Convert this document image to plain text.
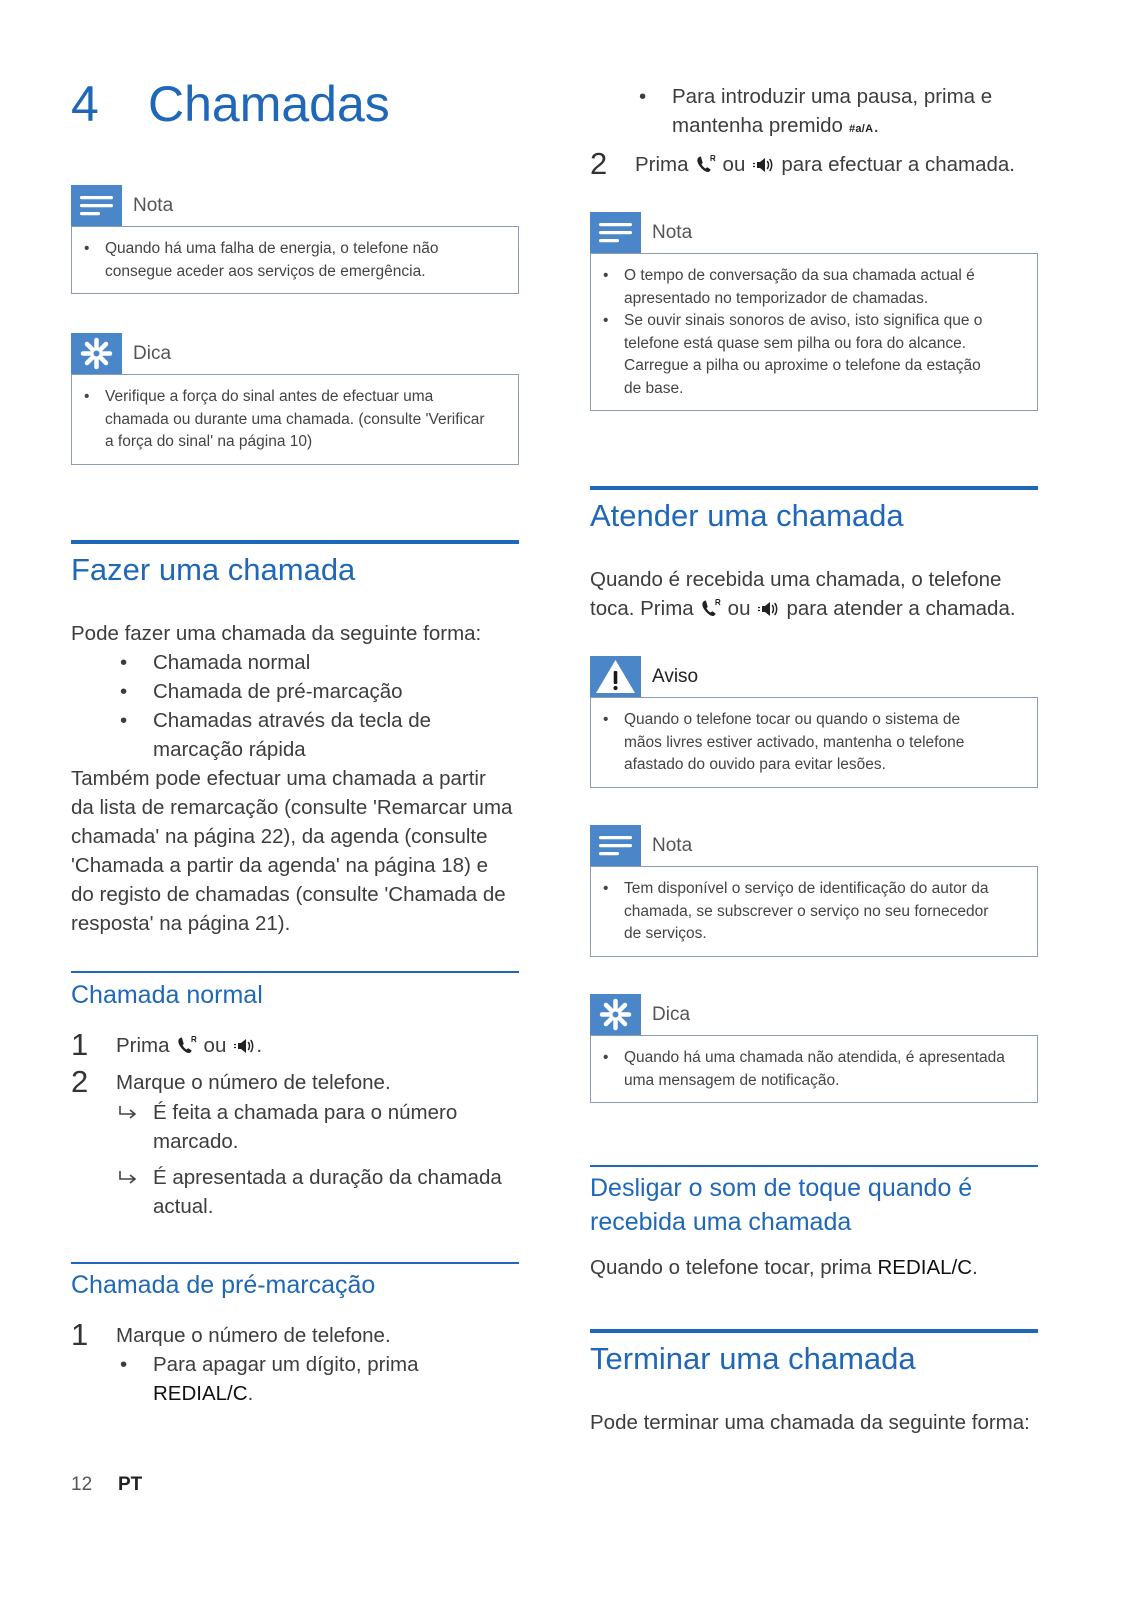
4 Chamadas
Nota
• Quando há uma falha de energia, o telefone não
consegue aceder aos serviços de emergência.
Dica
• Verifique a força do sinal antes de efectuar uma
chamada ou durante uma chamada. (consulte 'Verificar
a força do sinal' na página 10)
Fazer uma chamada

Pode fazer uma chamada da seguinte forma:

• Chamada normal
• Chamada de pré-marcação
• Chamadas através da tecla de
marcação rápida

Também pode efectuar uma chamada a partir
da lista de remarcação (consulte 'Remarcar uma
chamada' na página 22), da agenda (consulte
'Chamada a partir da agenda' na página 18) e
do registo de chamadas (consulte 'Chamada de
resposta' na página 21).

Chamada normal
1 Prima ou .
2 Marque o número de telefone.
É feita a chamada para o número
marcado.
É apresentada a duração da chamada
actual.
Chamada de pré-marcação
1 Marque o número de telefone.
• Para apagar um dígito, prima
REDIAL/C.
• Para introduzir uma pausa, prima e
mantenha premido #a/A.
2 Prima ou para efectuar a chamada.
Nota
• O tempo de conversação da sua chamada actual é
apresentado no temporizador de chamadas.
• Se ouvir sinais sonoros de aviso, isto significa que o
telefone está quase sem pilha ou fora do alcance.
Carregue a pilha ou aproxime o telefone da estação
de base.
Atender uma chamada

Quando é recebida uma chamada, o telefone
toca. Prima ou para atender a chamada.

Aviso
• Quando o telefone tocar ou quando o sistema de
mãos livres estiver activado, mantenha o telefone
afastado do ouvido para evitar lesões.
Nota
• Tem disponível o serviço de identificação do autor da
chamada, se subscrever o serviço no seu fornecedor
de serviços.
Dica
• Quando há uma chamada não atendida, é apresentada
uma mensagem de notificação.
Desligar o som de toque quando é
recebida uma chamada

Quando o telefone tocar, prima REDIAL/C.

Terminar uma chamada

Pode terminar uma chamada da seguinte forma:

12 PT
